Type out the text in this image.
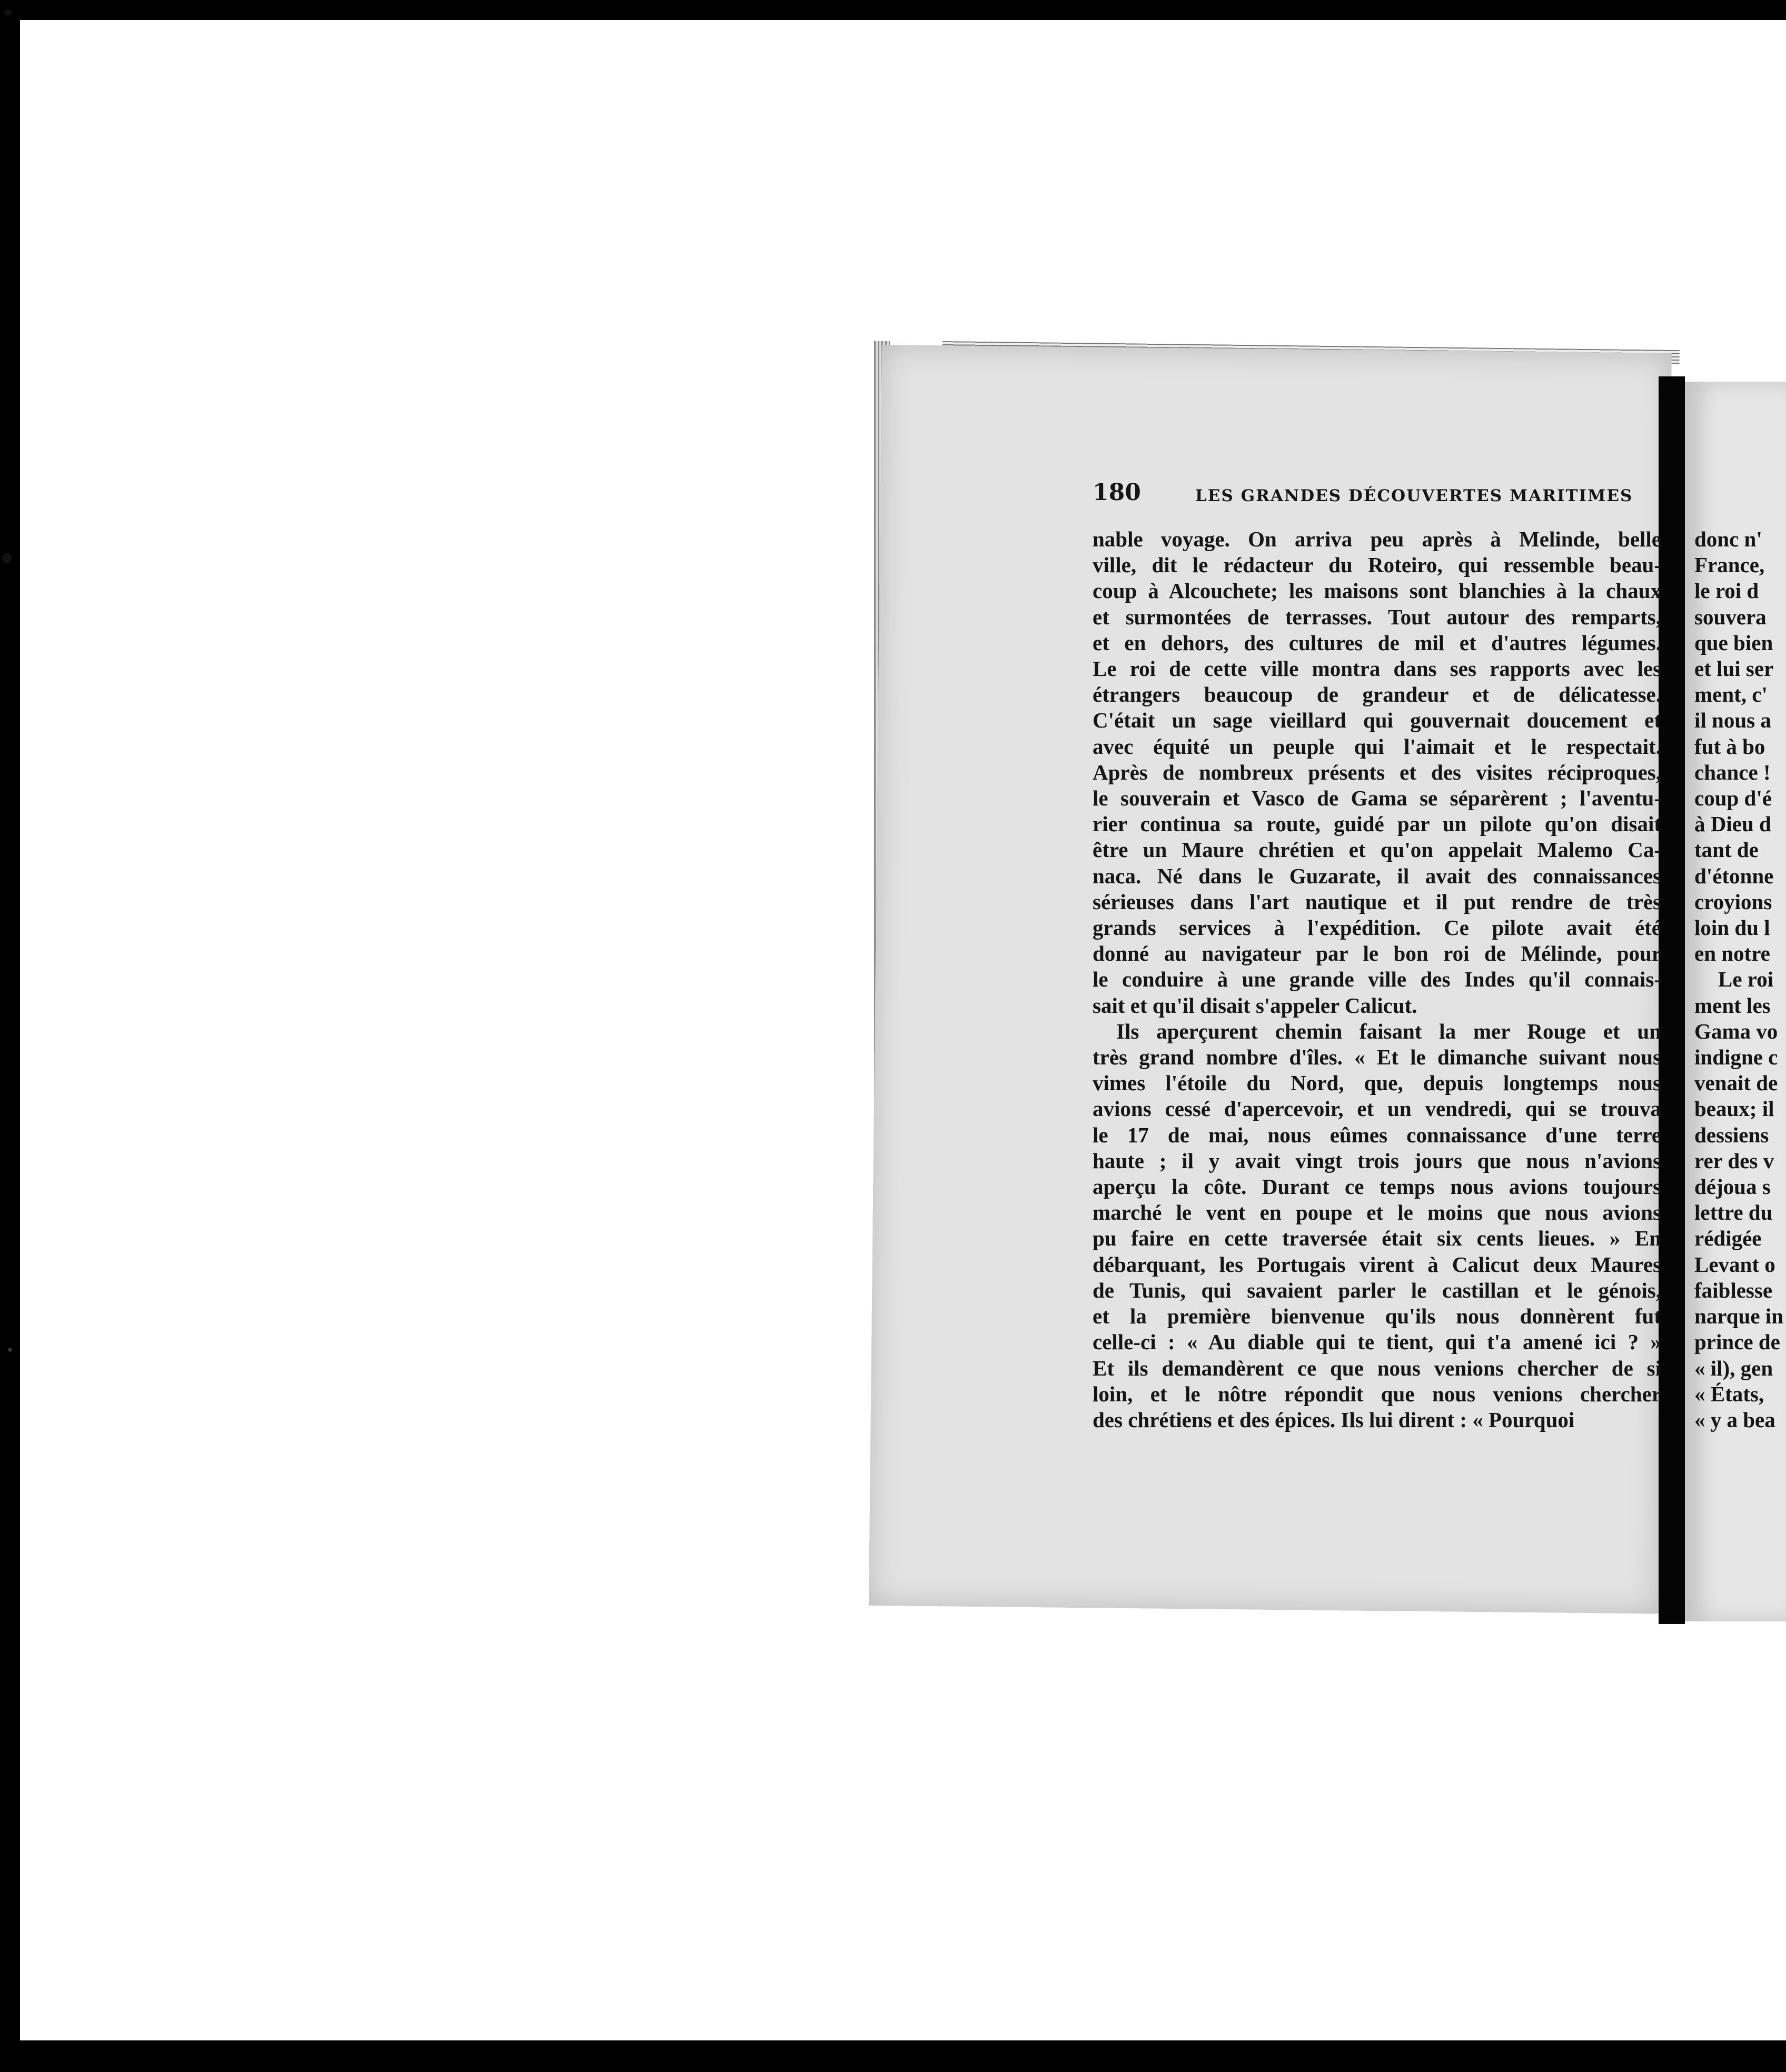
180	LES GRANDES DÉCOUVERTES MARITIMES
nable voyage. On arriva peu après à Melinde, belle
ville, dit le rédacteur du Roteiro, qui ressemble beau-
coup à Alcouchete; les maisons sont blanchies à la chaux
et surmontées de terrasses. Tout autour des remparts,
et en dehors, des cultures de mil et d'autres légumes.
Le roi de cette ville montra dans ses rapports avec les
étrangers beaucoup de grandeur et de délicatesse.
C'était un sage vieillard qui gouvernait doucement et
avec équité un peuple qui l'aimait et le respectait.
Après de nombreux présents et des visites réciproques,
le souverain et Vasco de Gama se séparèrent ; l'aventu-
rier continua sa route, guidé par un pilote qu'on disait
être un Maure chrétien et qu'on appelait Malemo Ca-
naca. Né dans le Guzarate, il avait des connaissances
sérieuses dans l'art nautique et il put rendre de très
grands services à l'expédition. Ce pilote avait été
donné au navigateur par le bon roi de Mélinde, pour
le conduire à une grande ville des Indes qu'il connais-
sait et qu'il disait s'appeler Calicut.
Ils aperçurent chemin faisant la mer Rouge et un
très grand nombre d'îles. « Et le dimanche suivant nous
vimes l'étoile du Nord, que, depuis longtemps nous
avions cessé d'apercevoir, et un vendredi, qui se trouva
le 17 de mai, nous eûmes connaissance d'une terre
haute ; il y avait vingt trois jours que nous n'avions
aperçu la côte. Durant ce temps nous avions toujours
marché le vent en poupe et le moins que nous avions
pu faire en cette traversée était six cents lieues. » En
débarquant, les Portugais virent à Calicut deux Maures
de Tunis, qui savaient parler le castillan et le génois,
et la première bienvenue qu'ils nous donnèrent fut
celle-ci : « Au diable qui te tient, qui t'a amené ici ? »
Et ils demandèrent ce que nous venions chercher de si
loin, et le nôtre répondit que nous venions chercher
des chrétiens et des épices. Ils lui dirent : « Pourquoi
donc n'
France,
le roi d
souvera
que bien
et lui ser
ment, c'
il nous a
fut à bo
chance !
coup d'é
à Dieu d
tant de
d'étonne
croyions
loin du l
en notre
Le roi
ment les
Gama vo
indigne c
venait de
beaux; il
dessiens
rer des v
déjoua s
lettre du
rédigée
Levant o
faiblesse
narque in
prince de
« il), gen
« États,
« y a bea
